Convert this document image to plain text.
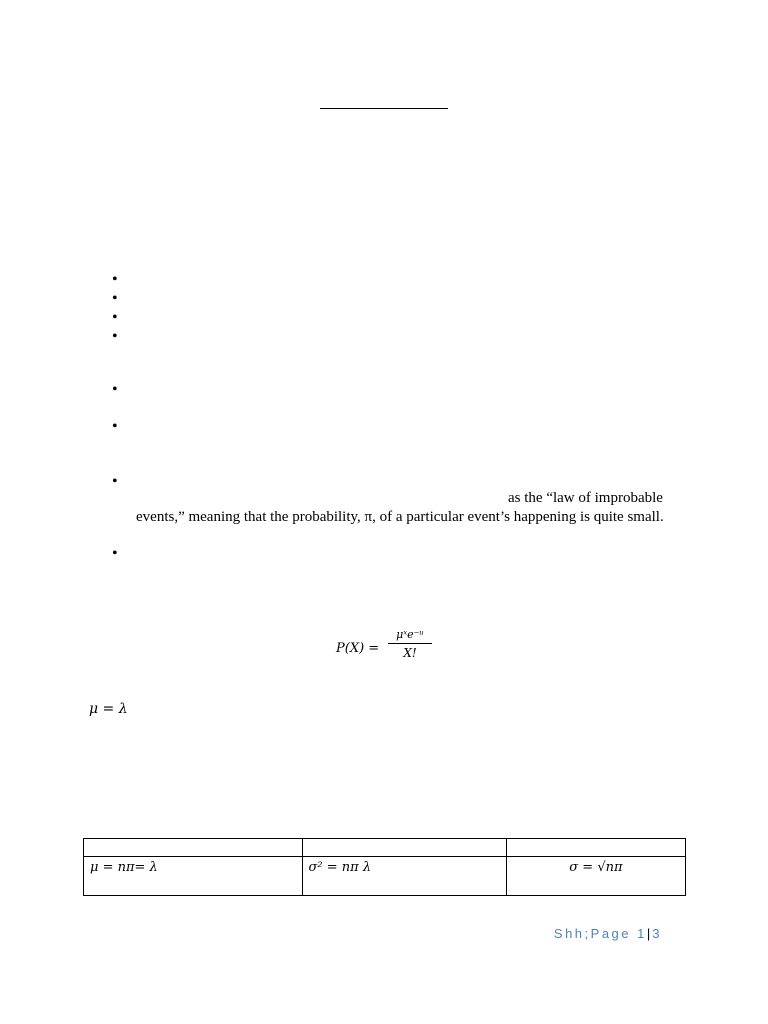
•
•
•
•
•
•
•
•
as the “law of improbable
events,” meaning that the probability, π, of a particular event’s happening is quite small.
P(X) =
μˣe⁻ᵘ
X!
μ = λ

μ = nπ= λ	σ² = nπ λ	σ = √nπ
Shh;Page 1|3
